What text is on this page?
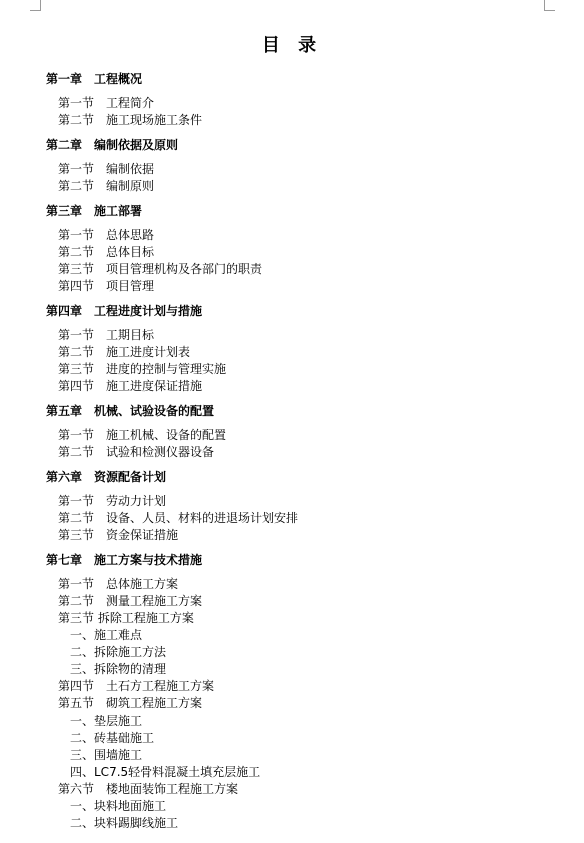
目 录
第一章　工程概况
第一节　工程简介
第二节　施工现场施工条件
第二章　编制依据及原则
第一节　编制依据
第二节　编制原则
第三章　施工部署
第一节　总体思路
第二节　总体目标
第三节　项目管理机构及各部门的职责
第四节　项目管理
第四章　工程进度计划与措施
第一节　工期目标
第二节　施工进度计划表
第三节　进度的控制与管理实施
第四节　施工进度保证措施
第五章　机械、试验设备的配置
第一节　施工机械、设备的配置
第二节　试验和检测仪器设备
第六章　资源配备计划
第一节　劳动力计划
第二节　设备、人员、材料的进退场计划安排
第三节　资金保证措施
第七章　施工方案与技术措施
第一节　总体施工方案
第二节　测量工程施工方案
第三节 拆除工程施工方案
一、施工难点
二、拆除施工方法
三、拆除物的清理
第四节　土石方工程施工方案
第五节　砌筑工程施工方案
一、垫层施工
二、砖基础施工
三、围墙施工
四、LC7.5轻骨料混凝土填充层施工
第六节　楼地面装饰工程施工方案
一、块料地面施工
二、块料踢脚线施工
